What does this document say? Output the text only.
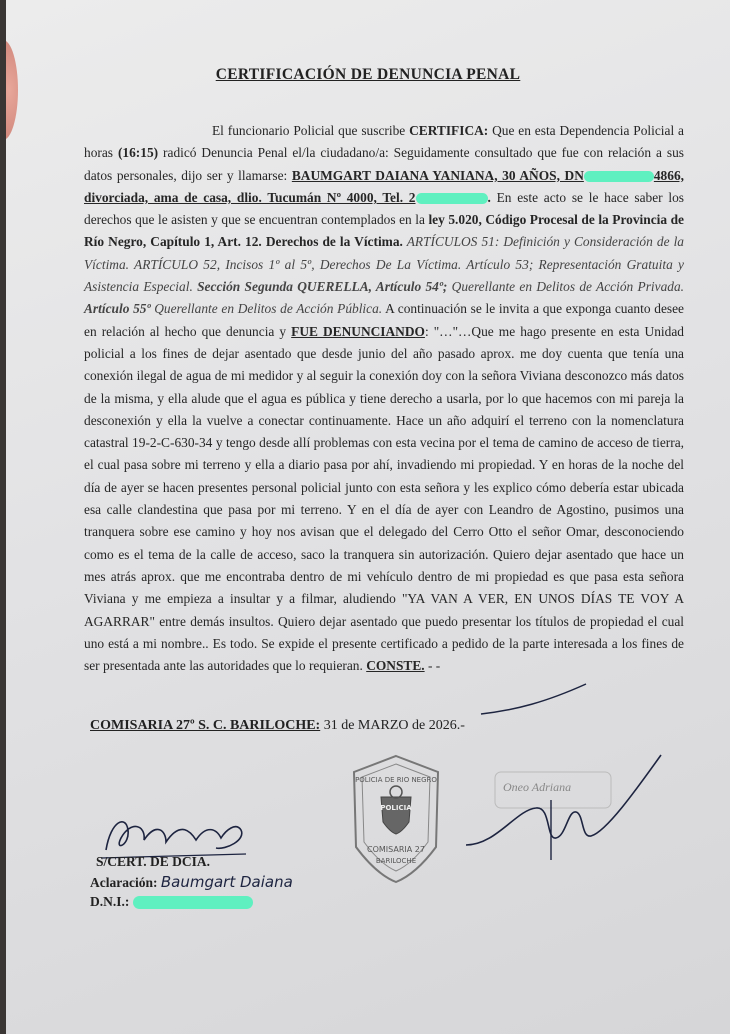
CERTIFICACIÓN DE DENUNCIA PENAL

El funcionario Policial que suscribe CERTIFICA: Que en esta Dependencia Policial a horas (16:15) radicó Denuncia Penal el/la ciudadano/a: Seguidamente consultado que fue con relación a sus datos personales, dijo ser y llamarse: BAUMGART DAIANA YANIANA, 30 AÑOS, DN	4866, divorciada, ama de casa, dlio. Tucumán Nº 4000, Tel. 2	. En este acto se le hace saber los derechos que le asisten y que se encuentran contemplados en la ley 5.020, Código Procesal de la Provincia de Río Negro, Capítulo 1, Art. 12. Derechos de la Víctima. ARTÍCULOS 51: Definición y Consideración de la Víctima. ARTÍCULO 52, Incisos 1º al 5º, Derechos De La Víctima. Artículo 53; Representación Gratuita y Asistencia Especial. Sección Segunda QUERELLA, Artículo 54º; Querellante en Delitos de Acción Privada. Artículo 55º Querellante en Delitos de Acción Pública. A continuación se le invita a que exponga cuanto desee en relación al hecho que denuncia y FUE DENUNCIANDO: "…"…Que me hago presente en esta Unidad policial a los fines de dejar asentado que desde junio del año pasado aprox. me doy cuenta que tenía una conexión ilegal de agua de mi medidor y al seguir la conexión doy con la señora Viviana desconozco más datos de la misma, y ella alude que el agua es pública y tiene derecho a usarla, por lo que hacemos con mi pareja la desconexión y ella la vuelve a conectar continuamente. Hace un año adquirí el terreno con la nomenclatura catastral 19-2-C-630-34 y tengo desde allí problemas con esta vecina por el tema de camino de acceso de tierra, el cual pasa sobre mi terreno y ella a diario pasa por ahí, invadiendo mi propiedad. Y en horas de la noche del día de ayer se hacen presentes personal policial junto con esta señora y les explico cómo debería estar ubicada esa calle clandestina que pasa por mi terreno. Y en el día de ayer con Leandro de Agostino, pusimos una tranquera sobre ese camino y hoy nos avisan que el delegado del Cerro Otto el señor Omar, desconociendo como es el tema de la calle de acceso, saco la tranquera sin autorización. Quiero dejar asentado que hace un mes atrás aprox. que me encontraba dentro de mi vehículo dentro de mi propiedad es que pasa esta señora Viviana y me empieza a insultar y a filmar, aludiendo "YA VAN A VER, EN UNOS DÍAS TE VOY A AGARRAR" entre demás insultos. Quiero dejar asentado que puedo presentar los títulos de propiedad el cual uno está a mi nombre.. Es todo. Se expide el presente certificado a pedido de la parte interesada a los fines de ser presentada ante las autoridades que lo requieran. CONSTE. - -

COMISARIA 27º S. C. BARILOCHE: 31 de MARZO de 2026.-
POLICIA DE RIO NEGRO
POLICIA
COMISARIA 27
BARILOCHE
Oneo Adriana
S/CERT. DE DCIA.
Aclaración: Baumgart Daiana
D.N.I.:
